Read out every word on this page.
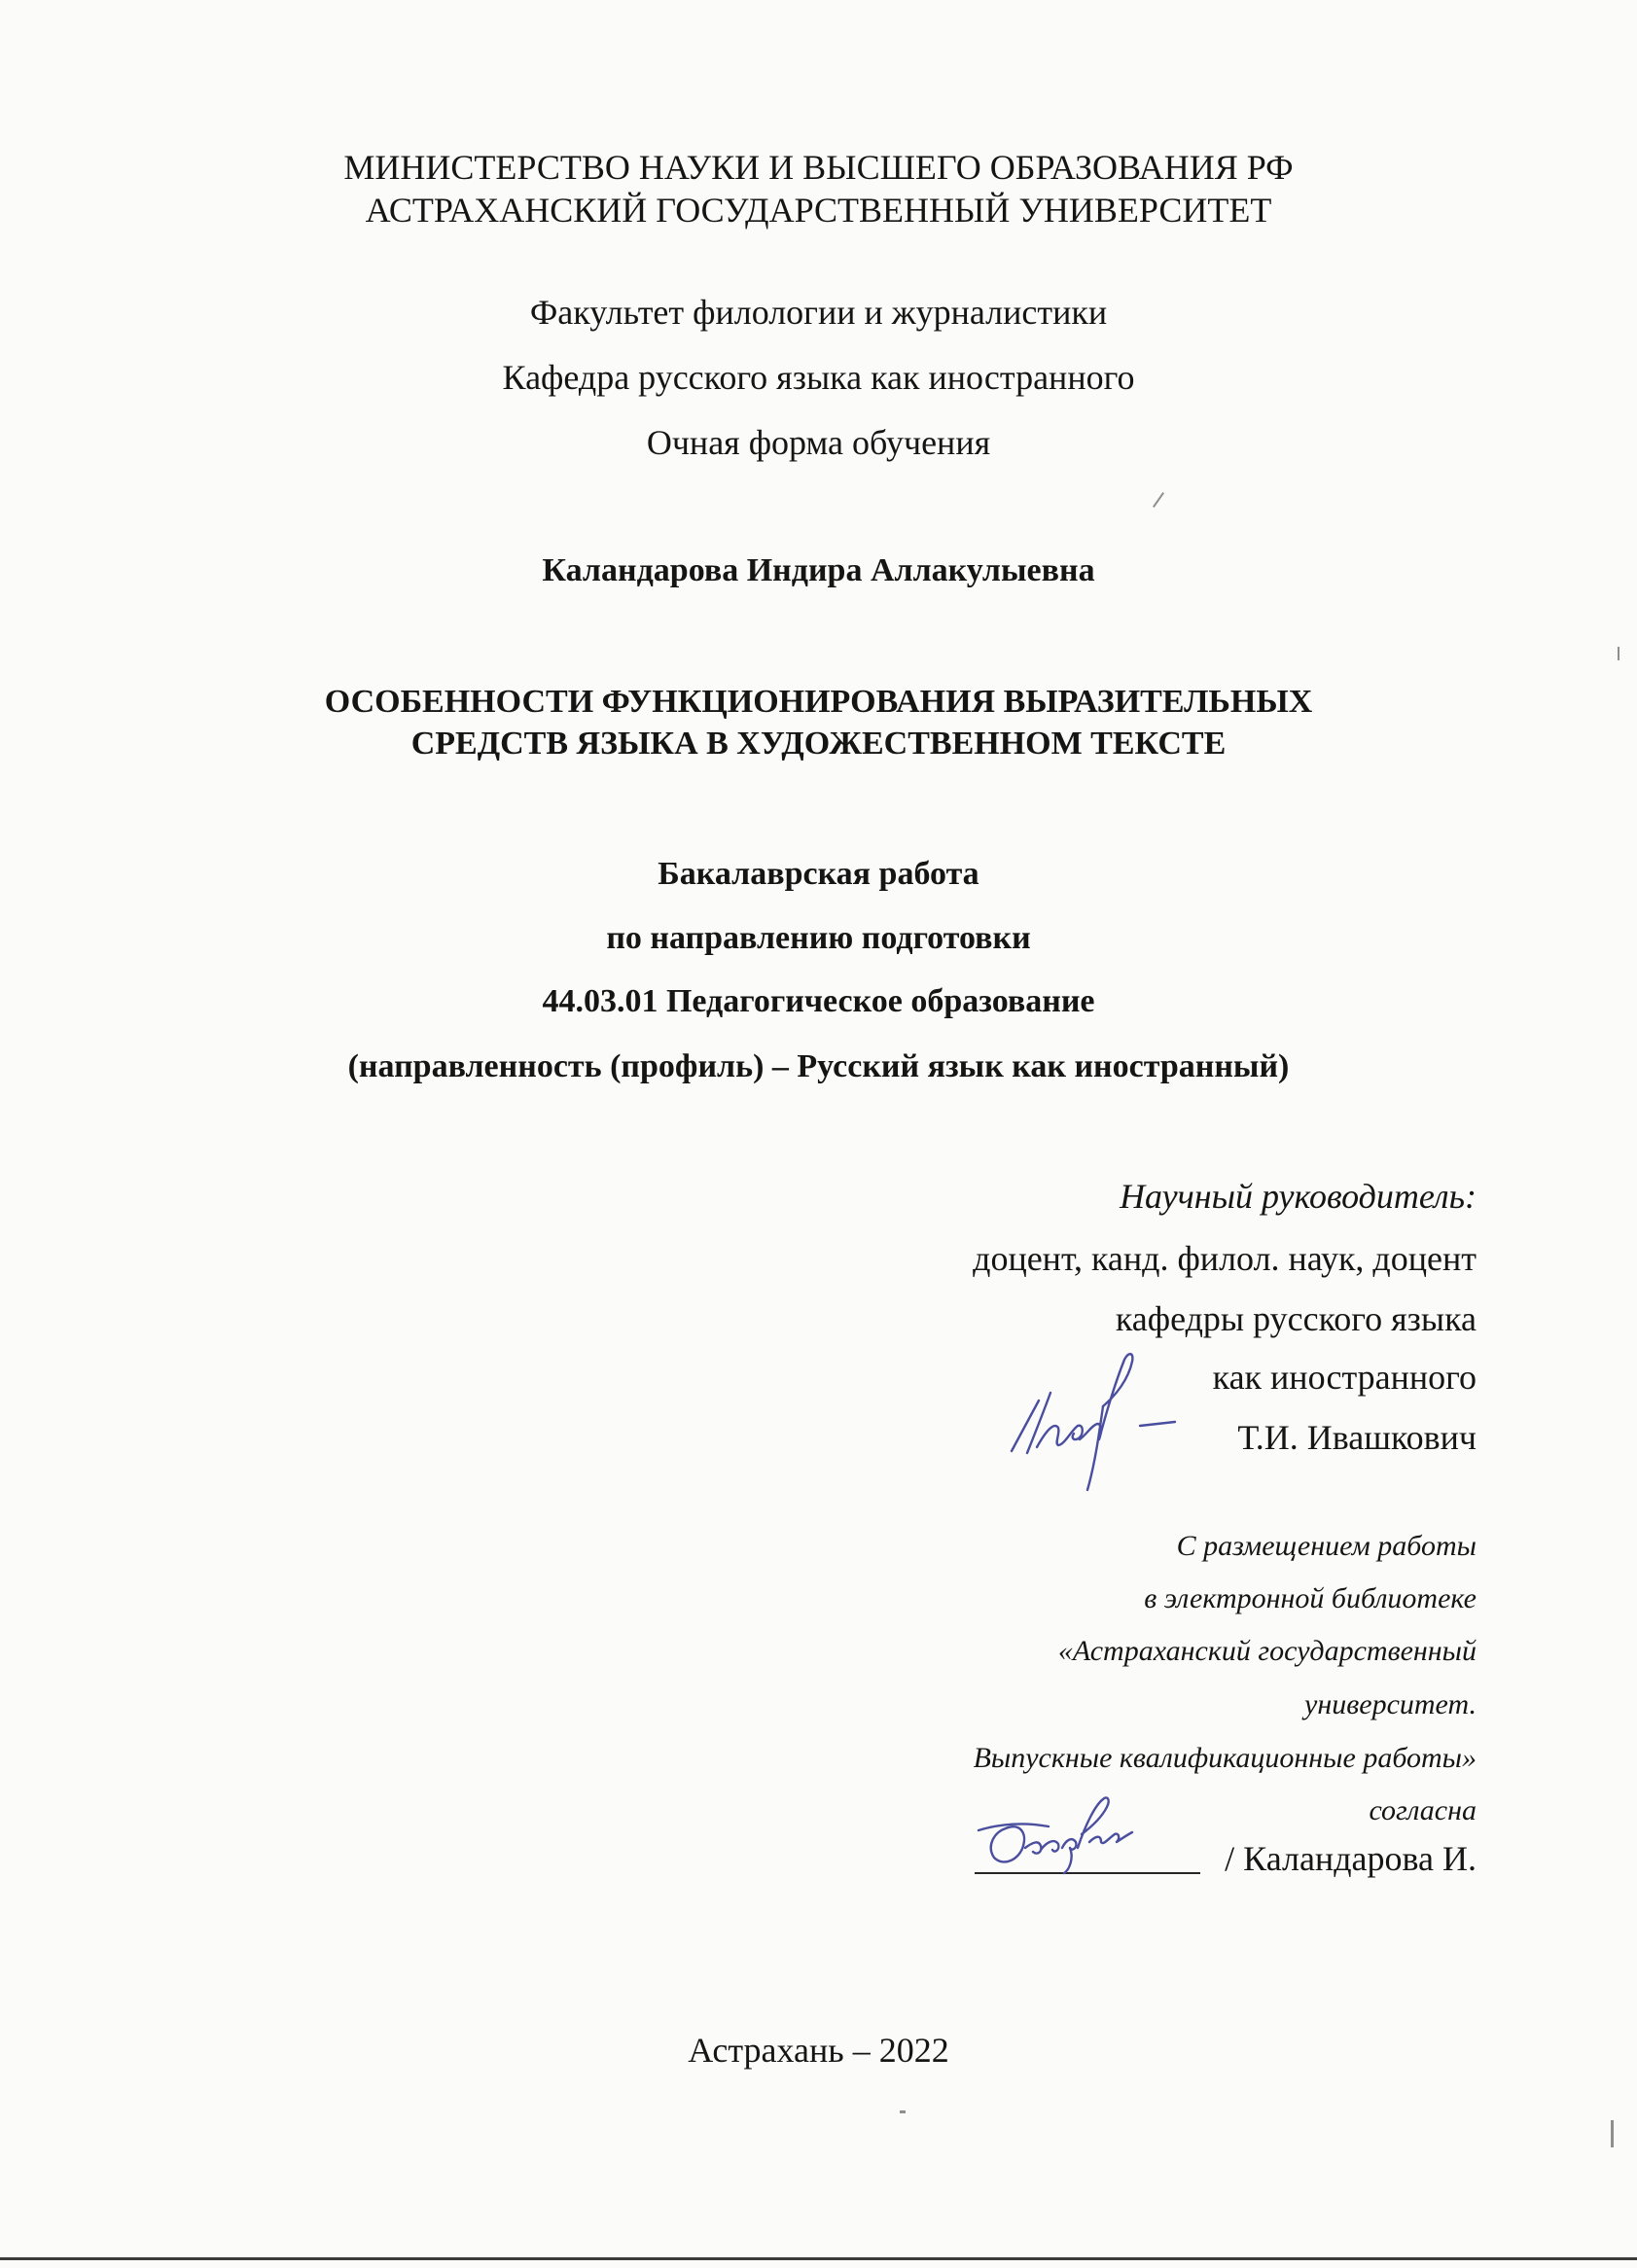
МИНИСТЕРСТВО НАУКИ И ВЫСШЕГО ОБРАЗОВАНИЯ РФ
АСТРАХАНСКИЙ ГОСУДАРСТВЕННЫЙ УНИВЕРСИТЕТ
Факультет филологии и журналистики
Кафедра русского языка как иностранного
Очная форма обучения
Каландарова Индира Аллакулыевна
ОСОБЕННОСТИ ФУНКЦИОНИРОВАНИЯ ВЫРАЗИТЕЛЬНЫХ
СРЕДСТВ ЯЗЫКА В ХУДОЖЕСТВЕННОМ ТЕКСТЕ
Бакалаврская работа
по направлению подготовки
44.03.01 Педагогическое образование
(направленность (профиль) – Русский язык как иностранный)
Научный руководитель:
доцент, канд. филол. наук, доцент
кафедры русского языка
как иностранного
Т.И. Ивашкович
С размещением работы
в электронной библиотеке
«Астраханский государственный
университет.
Выпускные квалификационные работы»
согласна
/ Каландарова И.
Астрахань – 2022
